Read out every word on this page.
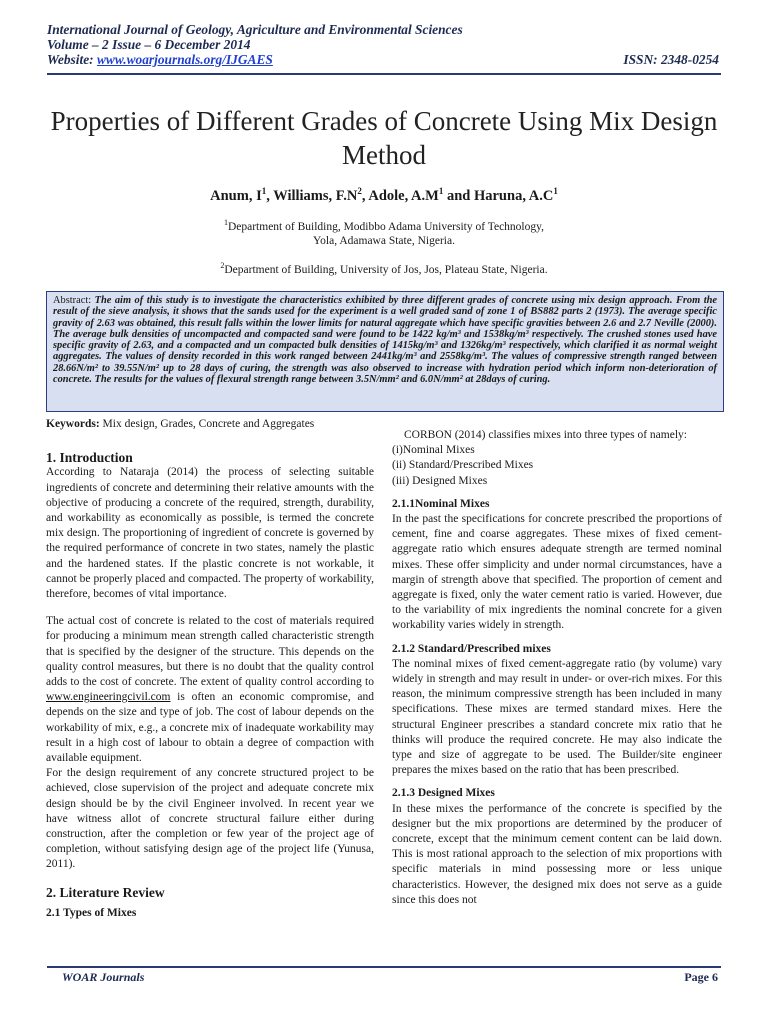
International Journal of Geology, Agriculture and Environmental Sciences
Volume – 2 Issue – 6 December 2014
Website: www.woarjournals.org/IJGAES	ISSN: 2348-0254
Properties of Different Grades of Concrete Using Mix Design Method
Anum, $I^1$, Williams, $F.N^2$, Adole, $A.M^1$ and Haruna, $A.C^1$
$^1$Department of Building, Modibbo Adama University of Technology,
Yola, Adamawa State, Nigeria.
$^2$Department of Building, University of Jos, Jos, Plateau State, Nigeria.
Abstract: The aim of this study is to investigate the characteristics exhibited by three different grades of concrete using mix design approach. From the result of the sieve analysis, it shows that the sands used for the experiment is a well graded sand of zone 1 of BS882 parts 2 (1973). The average specific gravity of 2.63 was obtained, this result falls within the lower limits for natural aggregate which have specific gravities between 2.6 and 2.7 Neville (2000). The average bulk densities of uncompacted and compacted sand were found to be 1422 kg/m³ and 1538kg/m³ respectively. The crushed stones used have specific gravity of 2.63, and a compacted and un compacted bulk densities of 1415kg/m³ and 1326kg/m³ respectively, which clarified it as normal weight aggregates. The values of density recorded in this work ranged between 2441kg/m³ and 2558kg/m³. The values of compressive strength ranged between 28.66N/m² to 39.55N/m² up to 28 days of curing, the strength was also observed to increase with hydration period which inform non-deterioration of concrete. The results for the values of flexural strength range between 3.5N/mm² and 6.0N/mm² at 28days of curing.

Keywords: Mix design, Grades, Concrete and Aggregates

1. Introduction

According to Nataraja (2014) the process of selecting suitable ingredients of concrete and determining their relative amounts with the objective of producing a concrete of the required, strength, durability, and workability as economically as possible, is termed the concrete mix design. The proportioning of ingredient of concrete is governed by the required performance of concrete in two states, namely the plastic and the hardened states. If the plastic concrete is not workable, it cannot be properly placed and compacted. The property of workability, therefore, becomes of vital importance.

The actual cost of concrete is related to the cost of materials required for producing a minimum mean strength called characteristic strength that is specified by the designer of the structure. This depends on the quality control measures, but there is no doubt that the quality control adds to the cost of concrete. The extent of quality control according to www.engineeringcivil.com is often an economic compromise, and depends on the size and type of job. The cost of labour depends on the workability of mix, e.g., a concrete mix of inadequate workability may result in a high cost of labour to obtain a degree of compaction with available equipment.

For the design requirement of any concrete structured project to be achieved, close supervision of the project and adequate concrete mix design should be by the civil Engineer involved. In recent year we have witness allot of concrete structural failure either during construction, after the completion or few year of the project age of completion, without satisfying design age of the project life (Yunusa, 2011).

2. Literature Review

2.1 Types of Mixes

CORBON (2014) classifies mixes into three types of namely:

(i)Nominal Mixes

(ii) Standard/Prescribed Mixes

(iii) Designed Mixes

2.1.1Nominal Mixes

In the past the specifications for concrete prescribed the proportions of cement, fine and coarse aggregates. These mixes of fixed cement-aggregate ratio which ensures adequate strength are termed nominal mixes. These offer simplicity and under normal circumstances, have a margin of strength above that specified. The proportion of cement and aggregate is fixed, only the water cement ratio is varied. However, due to the variability of mix ingredients the nominal concrete for a given workability varies widely in strength.

2.1.2 Standard/Prescribed mixes

The nominal mixes of fixed cement-aggregate ratio (by volume) vary widely in strength and may result in under- or over-rich mixes. For this reason, the minimum compressive strength has been included in many specifications. These mixes are termed standard mixes. Here the structural Engineer prescribes a standard concrete mix ratio that he thinks will produce the required concrete. He may also indicate the type and size of aggregate to be used. The Builder/site engineer prepares the mixes based on the ratio that has been prescribed.

2.1.3 Designed Mixes

In these mixes the performance of the concrete is specified by the designer but the mix proportions are determined by the producer of concrete, except that the minimum cement content can be laid down. This is most rational approach to the selection of mix proportions with specific materials in mind possessing more or less unique characteristics. However, the designed mix does not serve as a guide since this does not

WOAR Journals	Page 6
